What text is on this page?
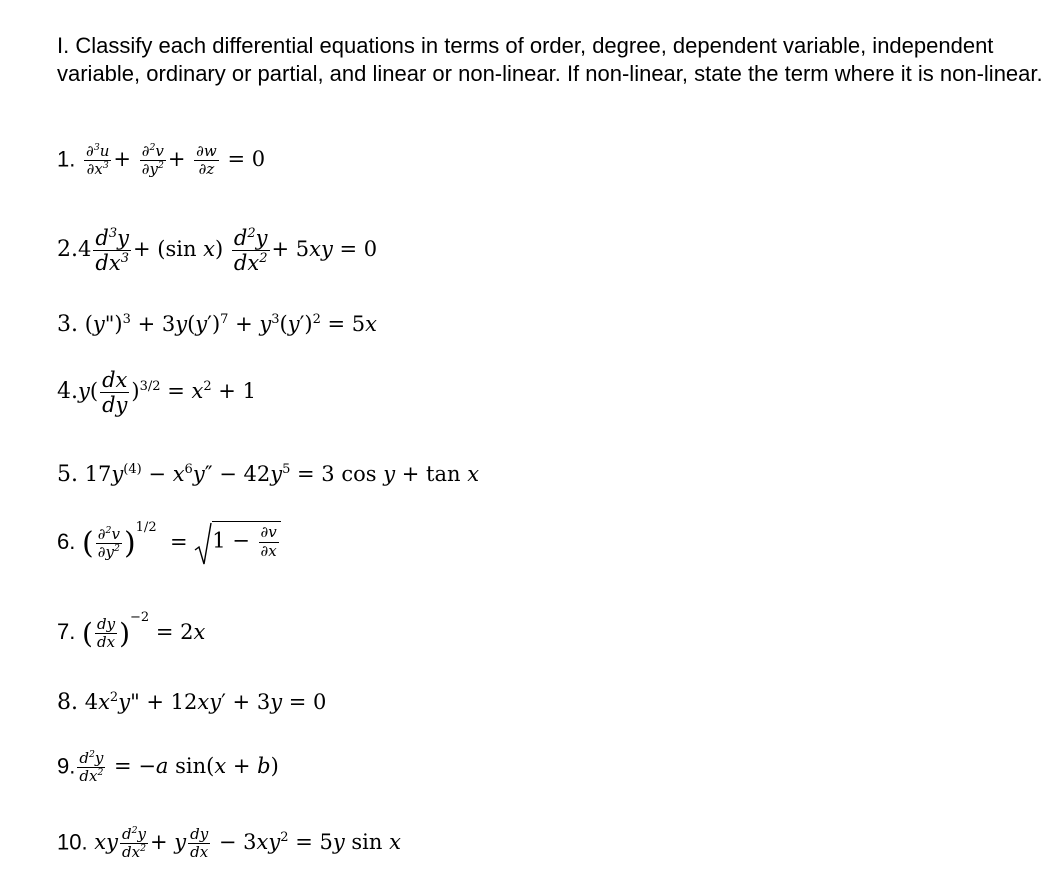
I. Classify each differential equations in terms of order, degree, dependent variable, independent variable, ordinary or partial, and linear or non-linear. If non-linear, state the term where it is non-linear.
1. $\frac{\partial^3u}{\partial x^3} + \frac{\partial^2v}{\partial y^2} + \frac{\partial w}{\partial z} = 0$
$2.4 \frac{d^3y}{dx^3} + (\sin$ $x) \frac{d^2y}{dx^2} + 5xy = 0$
3. (y")$^3$ + $3y(y')^7 + y^3(y')^2 = 5x$
$4.y( \frac{dx}{dy} )^{3/2} = x^2 + 1$
5. $17y^{(4)} - x^6y'' - 42y^5 = 3$ cos y + tan x
6. ( $\frac{\partial^2v}{\partial y^2} )^{1/2} = 1 - \frac{\partial v}{\partial x}$
7. ( $\frac{dy}{dx} )^{-2} = 2x$
8. $4x^2y$" + 12xy′ + 3y = 0
9. $\frac{d^2y}{dx^2} = -a$ sin(x + b)
10. xy $\frac{d^2y}{dx^2} + y \frac{dy}{dx} - 3xy^2 = 5y$ sin x
